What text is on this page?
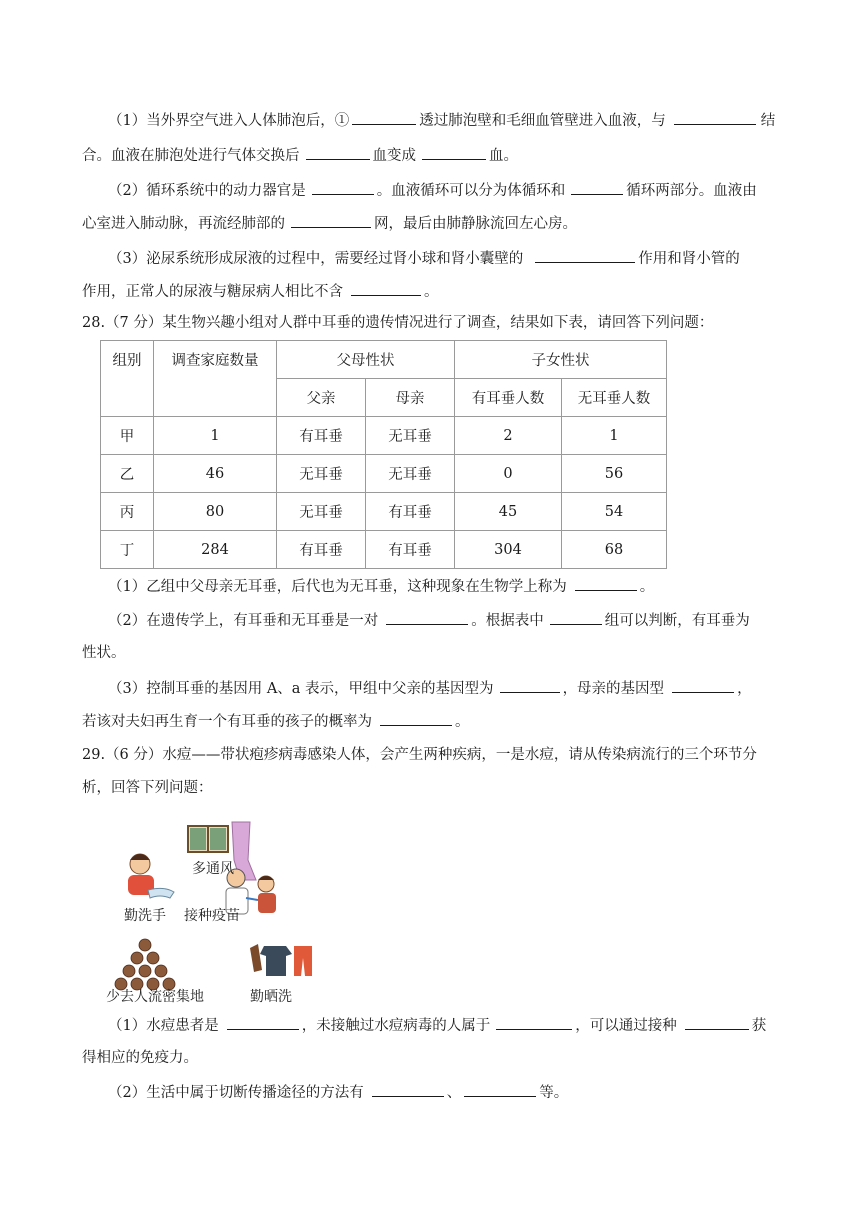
（1）当外界空气进入人体肺泡后，①	透过肺泡壁和毛细血管壁进入血液，与	结
合。血液在肺泡处进行气体交换后	血变成	血。
（2）循环系统中的动力器官是	。血液循环可以分为体循环和	循环两部分。血液由
心室进入肺动脉，再流经肺部的	网，最后由肺静脉流回左心房。
（3）泌尿系统形成尿液的过程中，需要经过肾小球和肾小囊壁的	作用和肾小管的
作用，正常人的尿液与糖尿病人相比不含	。
28.（7 分）某生物兴趣小组对人群中耳垂的遗传情况进行了调查，结果如下表，请回答下列问题：
组别	调查家庭数量	父母性状		子女性状	
		父亲	母亲	有耳垂人数	无耳垂人数
甲	1	有耳垂	无耳垂	2	1
乙	46	无耳垂	无耳垂	0	56
丙	80	无耳垂	有耳垂	45	54
丁	284	有耳垂	有耳垂	304	68
（1）乙组中父母亲无耳垂，后代也为无耳垂，这种现象在生物学上称为	。
（2）在遗传学上，有耳垂和无耳垂是一对	。根据表中	组可以判断，有耳垂为
性状。
（3）控制耳垂的基因用 A、a 表示，甲组中父亲的基因型为	，母亲的基因型	，
若该对夫妇再生育一个有耳垂的孩子的概率为	。
29.（6 分）水痘——带状疱疹病毒感染人体，会产生两种疾病，一是水痘，请从传染病流行的三个环节分
析，回答下列问题：
多通风
勤洗手 接种疫苗
少去人流密集地	勤晒洗
（1）水痘患者是	，未接触过水痘病毒的人属于	，可以通过接种	获
得相应的免疫力。
（2）生活中属于切断传播途径的方法有	、	等。
